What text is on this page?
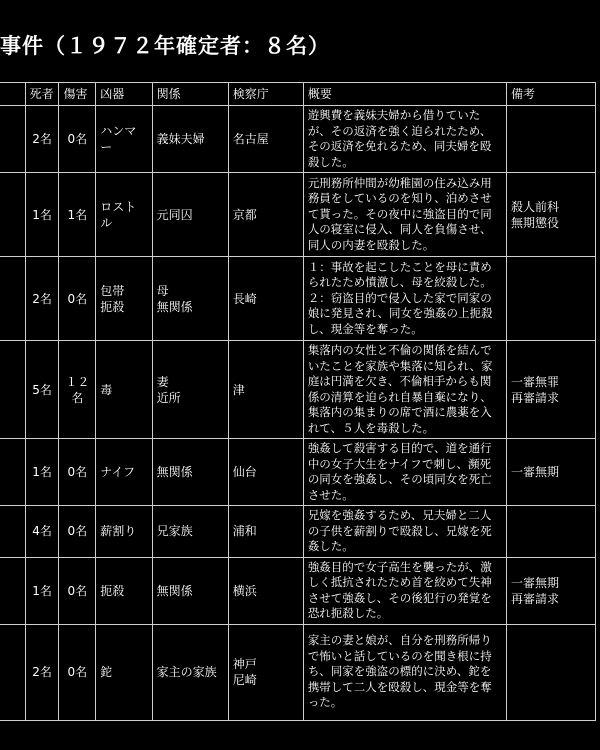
事件（１９７２年確定者：８名）
	死者	傷害	凶器	関係	検察庁	概要	備考
	2名	0名	ハンマー	義妹夫婦	名古屋	遊興費を義妹夫婦から借りていたが、その返済を強く迫られたため、その返済を免れるため、同夫婦を殴殺した。	
	1名	1名	ロストル	元同囚	京都	元刑務所仲間が幼稚園の住み込み用務員をしているのを知り、泊めさせて貰った。その夜中に強盗目的で同人の寝室に侵入、同人を負傷させ、同人の内妻を殴殺した。	殺人前科
無期懲役
	2名	0名	包帯
扼殺	母
無関係	長崎	１：事故を起こしたことを母に責められたため憤激し、母を絞殺した。
２：窃盗目的で侵入した家で同家の娘に発見され、同女を強姦の上扼殺し、現金等を奪った。	
	5名	１２名	毒	妻
近所	津	集落内の女性と不倫の関係を結んでいたことを家族や集落に知られ、家庭は円満を欠き、不倫相手からも関係の清算を迫られ自暴自棄になり、集落内の集まりの席で酒に農薬を入れて、５人を毒殺した。	一審無罪
再審請求
	1名	0名	ナイフ	無関係	仙台	強姦して殺害する目的で、道を通行中の女子大生をナイフで刺し、瀕死の同女を強姦し、その頃同女を死亡させた。	一審無期
	4名	0名	薪割り	兄家族	浦和	兄嫁を強姦するため、兄夫婦と二人の子供を薪割りで殴殺し、兄嫁を死姦した。	
	1名	0名	扼殺	無関係	横浜	強姦目的で女子高生を襲ったが、激しく抵抗されたため首を絞めて失神させて強姦し、その後犯行の発覚を恐れ扼殺した。	一審無期
再審請求
	2名	0名	鉈	家主の家族	神戸
尼崎	家主の妻と娘が、自分を刑務所帰りで怖いと話しているのを聞き根に持ち、同家を強盗の標的に決め、鉈を携帯して二人を殴殺し、現金等を奪った。	
